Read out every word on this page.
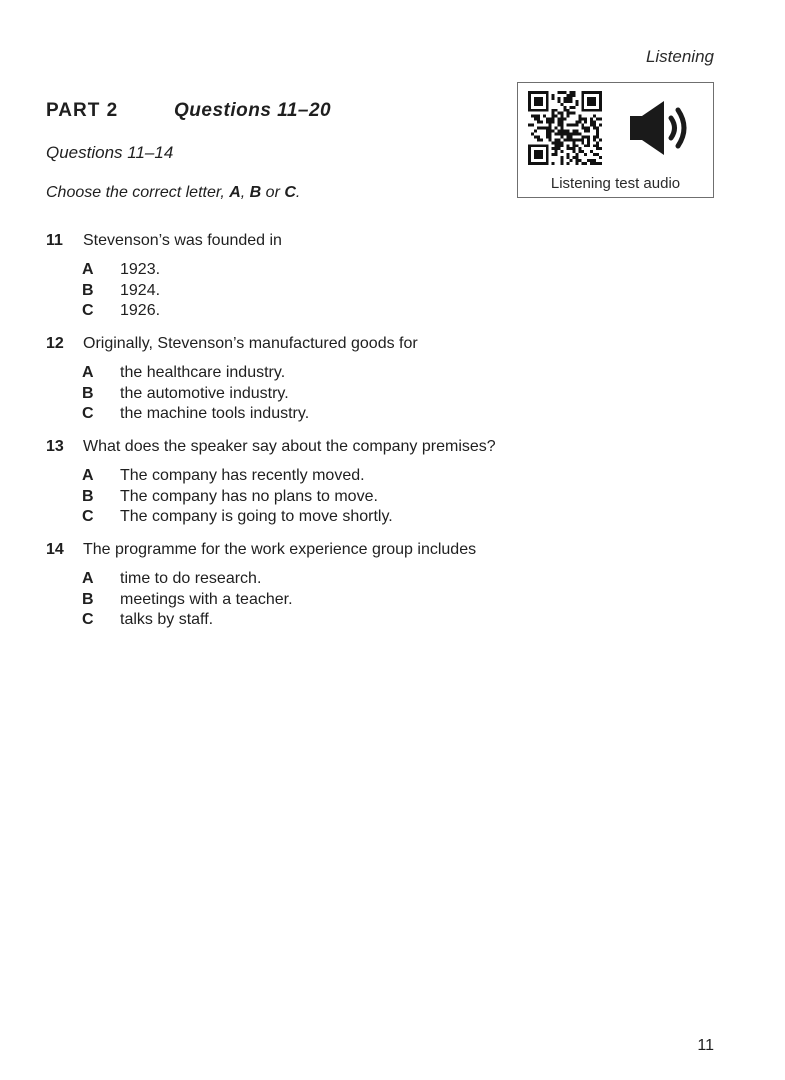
Listening
PART 2	Questions 11–20
Questions 11–14
Choose the correct letter, A, B or C.
Listening test audio
11 Stevenson’s was founded in
A 1923.
B 1924.
C 1926.
12 Originally, Stevenson’s manufactured goods for
A the healthcare industry.
B the automotive industry.
C the machine tools industry.
13 What does the speaker say about the company premises?
A The company has recently moved.
B The company has no plans to move.
C The company is going to move shortly.
14 The programme for the work experience group includes
A time to do research.
B meetings with a teacher.
C talks by staff.
11
